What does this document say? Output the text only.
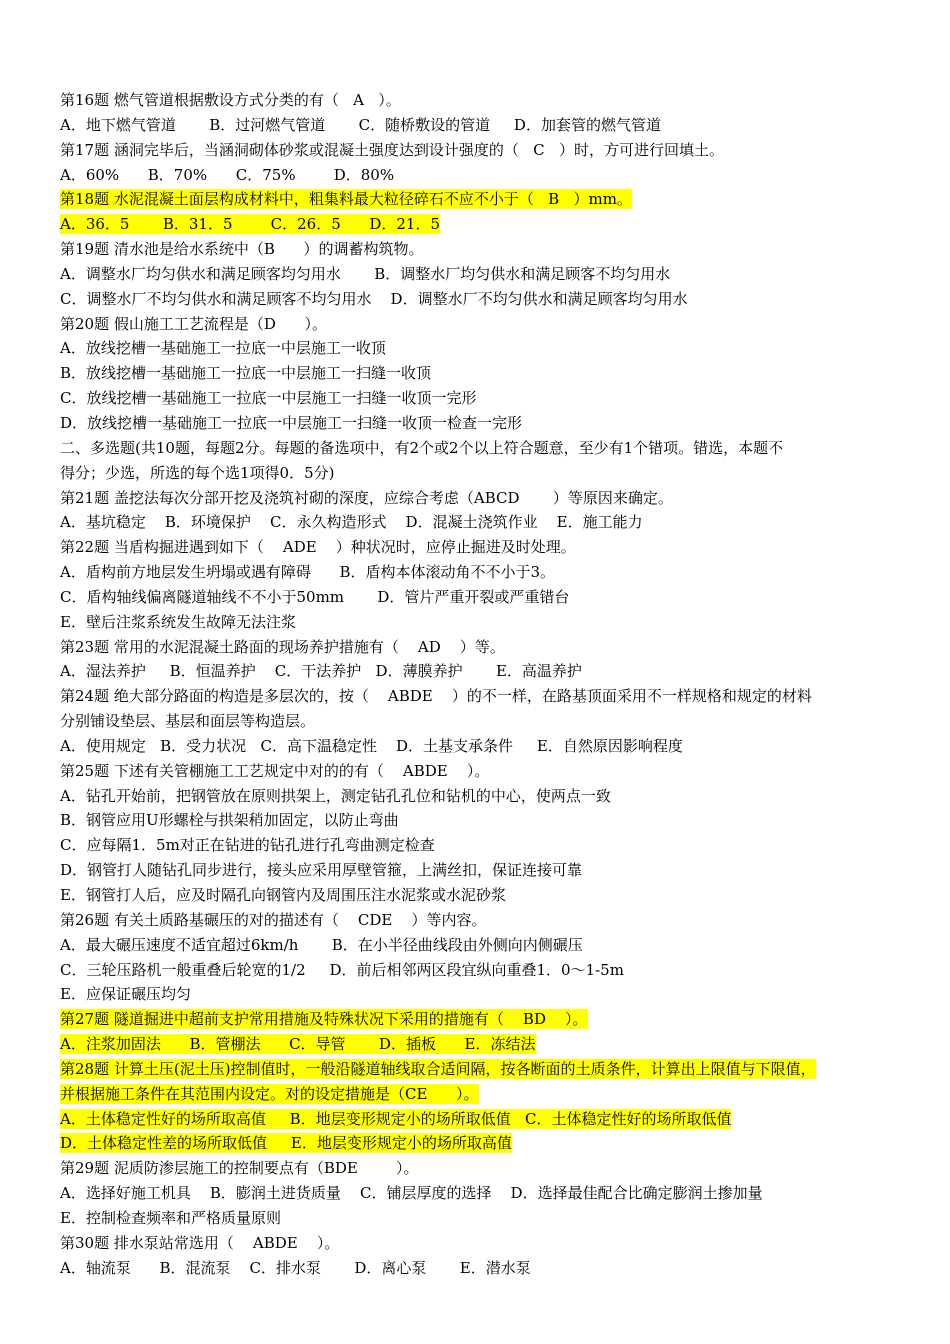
第16题 燃气管道根据敷设方式分类的有（   A   ）。
A．地下燃气管道       B．过河燃气管道       C．随桥敷设的管道     D．加套管的燃气管道
第17题 涵洞完毕后，当涵洞砌体砂浆或混凝土强度达到设计强度的（   C   ）时，方可进行回填土。
A．60%      B．70%      C．75%        D．80%
第18题 水泥混凝土面层构成材料中，粗集料最大粒径碎石不应不小于（   B   ）mm。
A．36．5       B．31．5        C．26．5      D．21．5
第19题 清水池是给水系统中（B      ）的调蓄构筑物。
A．调整水厂均匀供水和满足顾客均匀用水       B．调整水厂均匀供水和满足顾客不均匀用水
C．调整水厂不均匀供水和满足顾客不均匀用水    D．调整水厂不均匀供水和满足顾客均匀用水
第20题 假山施工工艺流程是（D      ）。
A．放线挖槽一基础施工一拉底一中层施工一收顶
B．放线挖槽一基础施工一拉底一中层施工一扫缝一收顶
C．放线挖槽一基础施工一拉底一中层施工一扫缝一收顶一完形
D．放线挖槽一基础施工一拉底一中层施工一扫缝一收顶一检查一完形
二、多选题(共10题，每题2分。每题的备选项中，有2个或2个以上符合题意，至少有1个错项。错选，本题不
得分；少选，所选的每个选1项得0．5分)
第21题 盖挖法每次分部开挖及浇筑衬砌的深度，应综合考虑（ABCD       ）等原因来确定。
A．基坑稳定    B．环境保护    C．永久构造形式    D．混凝土浇筑作业    E．施工能力
第22题 当盾构掘进遇到如下（    ADE    ）种状况时，应停止掘进及时处理。
A．盾构前方地层发生坍塌或遇有障碍      B．盾构本体滚动角不不小于3。
C．盾构轴线偏离隧道轴线不不小于50mm       D．管片严重开裂或严重错台
E．壁后注浆系统发生故障无法注浆
第23题 常用的水泥混凝土路面的现场养护措施有（    AD    ）等。
A．湿法养护     B．恒温养护    C．干法养护   D．薄膜养护       E．高温养护
第24题 绝大部分路面的构造是多层次的，按（    ABDE    ）的不一样，在路基顶面采用不一样规格和规定的材料
分别铺设垫层、基层和面层等构造层。
A．使用规定   B．受力状况   C．高下温稳定性    D．土基支承条件     E．自然原因影响程度
第25题 下述有关管棚施工工艺规定中对的的有（    ABDE    ）。
A．钻孔开始前，把钢管放在原则拱架上，测定钻孔孔位和钻机的中心，使两点一致
B．钢管应用U形螺栓与拱架稍加固定，以防止弯曲
C．应每隔1．5m对正在钻进的钻孔进行孔弯曲测定检查
D．钢管打人随钻孔同步进行，接头应采用厚壁管箍，上满丝扣，保证连接可靠
E．钢管打人后，应及时隔孔向钢管内及周围压注水泥浆或水泥砂浆
第26题 有关土质路基碾压的对的描述有（    CDE    ）等内容。
A．最大碾压速度不适宜超过6km/h       B．在小半径曲线段由外侧向内侧碾压
C．三轮压路机一般重叠后轮宽的1/2     D．前后相邻两区段宜纵向重叠1．0～1-5m
E．应保证碾压均匀
第27题 隧道掘进中超前支护常用措施及特殊状况下采用的措施有（    BD    ）。
A．注浆加固法      B．管棚法      C．导管       D．插板      E．冻结法
第28题 计算土压(泥土压)控制值时，一般沿隧道轴线取合适间隔，按各断面的土质条件，计算出上限值与下限值，
并根据施工条件在其范围内设定。对的设定措施是（CE      ）。
A．土体稳定性好的场所取高值     B．地层变形规定小的场所取低值   C．土体稳定性好的场所取低值
D．土体稳定性差的场所取低值     E．地层变形规定小的场所取高值
第29题 泥质防渗层施工的控制要点有（BDE        ）。
A．选择好施工机具    B．膨润土进货质量    C．铺层厚度的选择    D．选择最佳配合比确定膨润土掺加量
E．控制检查频率和严格质量原则
第30题 排水泵站常选用（    ABDE    ）。
A．轴流泵      B．混流泵    C．排水泵       D．离心泵       E．潜水泵
